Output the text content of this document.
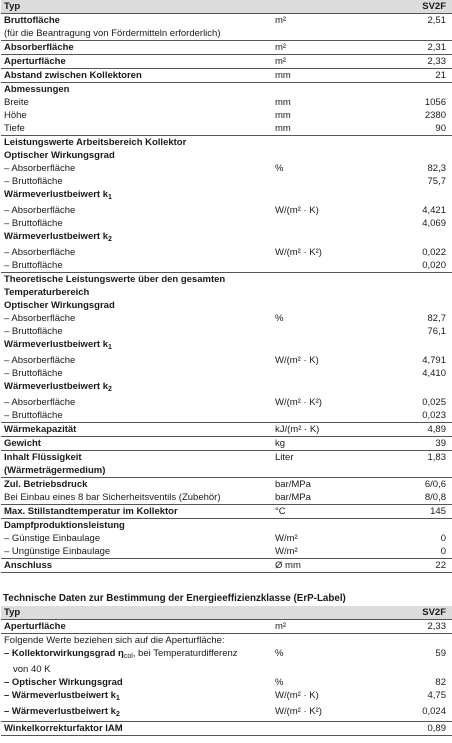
Typ		SV2F
Bruttofläche	m²	2,51
(für die Beantragung von Fördermitteln erforderlich)		
Absorberfläche	m²	2,31
Aperturfläche	m²	2,33
Abstand zwischen Kollektoren	mm	21
Abmessungen		
Breite	mm	1056
Höhe	mm	2380
Tiefe	mm	90
Leistungswerte Arbeitsbereich Kollektor		
Optischer Wirkungsgrad		
– Absorberfläche	%	82,3
– Bruttofläche		75,7
Wärmeverlustbeiwert $k_1$		
– Absorberfläche	W/(m² · K)	4,421
– Bruttofläche		4,069
Wärmeverlustbeiwert $k_2$		
– Absorberfläche	W/(m² · K²)	0,022
– Bruttofläche		0,020
Theoretische Leistungswerte über den gesamten		
Temperaturbereich		
Optischer Wirkungsgrad		
– Absorberfläche	%	82,7
– Bruttofläche		76,1
Wärmeverlustbeiwert $k_1$		
– Absorberfläche	W/(m² · K)	4,791
– Bruttofläche		4,410
Wärmeverlustbeiwert $k_2$		
– Absorberfläche	W/(m² · K²)	0,025
– Bruttofläche		0,023
Wärmekapazität	kJ/(m² · K)	4,89
Gewicht	kg	39
Inhalt Flüssigkeit	Liter	1,83
(Wärmeträgermedium)		
Zul. Betriebsdruck	bar/MPa	6/0,6
Bei Einbau eines 8 bar Sicherheitsventils (Zubehör)	bar/MPa	8/0,8
Max. Stillstandtemperatur im Kollektor	°C	145
Dampfproduktionsleistung		
– Günstige Einbaulage	W/m²	0
– Ungünstige Einbaulage	W/m²	0
Anschluss	Ø mm	22
Technische Daten zur Bestimmung der Energieeffizienzklasse (ErP-Label)
Typ		SV2F
Aperturfläche	m²	2,33
Folgende Werte beziehen sich auf die Aperturfläche:		
– Kollektorwirkungsgrad $\eta_{col}$, bei Temperaturdifferenz	%	59
von 40 K		
– Optischer Wirkungsgrad	%	82
– Wärmeverlustbeiwert $k_1$	W/(m² · K)	4,75
– Wärmeverlustbeiwert $k_2$	W/(m² · K²)	0,024
Winkelkorrekturfaktor IAM		0,89
